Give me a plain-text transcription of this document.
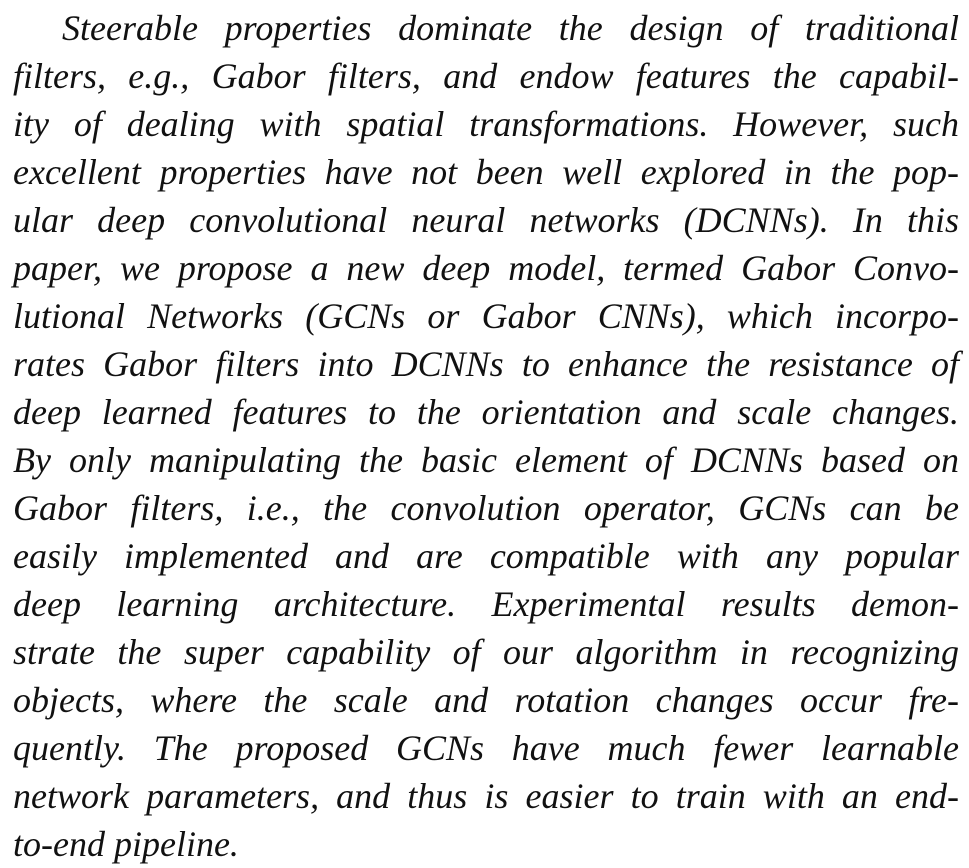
Steerable properties dominate the design of traditional
filters, e.g., Gabor filters, and endow features the capabil-
ity of dealing with spatial transformations. However, such
excellent properties have not been well explored in the pop-
ular deep convolutional neural networks (DCNNs). In this
paper, we propose a new deep model, termed Gabor Convo-
lutional Networks (GCNs or Gabor CNNs), which incorpo-
rates Gabor filters into DCNNs to enhance the resistance of
deep learned features to the orientation and scale changes.
By only manipulating the basic element of DCNNs based on
Gabor filters, i.e., the convolution operator, GCNs can be
easily implemented and are compatible with any popular
deep learning architecture. Experimental results demon-
strate the super capability of our algorithm in recognizing
objects, where the scale and rotation changes occur fre-
quently. The proposed GCNs have much fewer learnable
network parameters, and thus is easier to train with an end-
to-end pipeline.
